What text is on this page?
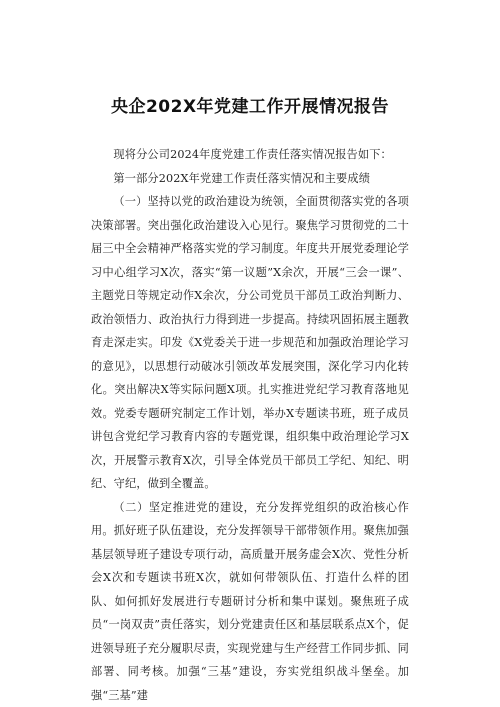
央企202X年党建工作开展情况报告

现将分公司2024年度党建工作责任落实情况报告如下：

第一部分202X年党建工作责任落实情况和主要成绩

（一）坚持以党的政治建设为统领，全面贯彻落实党的各项决策部署。突出强化政治建设入心见行。聚焦学习贯彻党的二十届三中全会精神严格落实党的学习制度。年度共开展党委理论学习中心组学习X次，落实“第一议题”X余次，开展“三会一课”、主题党日等规定动作X余次，分公司党员干部员工政治判断力、政治领悟力、政治执行力得到进一步提高。持续巩固拓展主题教育走深走实。印发《X党委关于进一步规范和加强政治理论学习的意见》，以思想行动破冰引领改革发展突围，深化学习内化转化。突出解决X等实际问题X项。扎实推进党纪学习教育落地见效。党委专题研究制定工作计划，举办X专题读书班，班子成员讲包含党纪学习教育内容的专题党课，组织集中政治理论学习X次，开展警示教育X次，引导全体党员干部员工学纪、知纪、明纪、守纪，做到全覆盖。

（二）坚定推进党的建设，充分发挥党组织的政治核心作用。抓好班子队伍建设，充分发挥领导干部带领作用。聚焦加强基层领导班子建设专项行动，高质量开展务虚会X次、党性分析会X次和专题读书班X次，就如何带领队伍、打造什么样的团队、如何抓好发展进行专题研讨分析和集中谋划。聚焦班子成员“一岗双责”责任落实，划分党建责任区和基层联系点X个，促进领导班子充分履职尽责，实现党建与生产经营工作同步抓、同部署、同考核。加强“三基”建设，夯实党组织战斗堡垒。加强“三基”建
